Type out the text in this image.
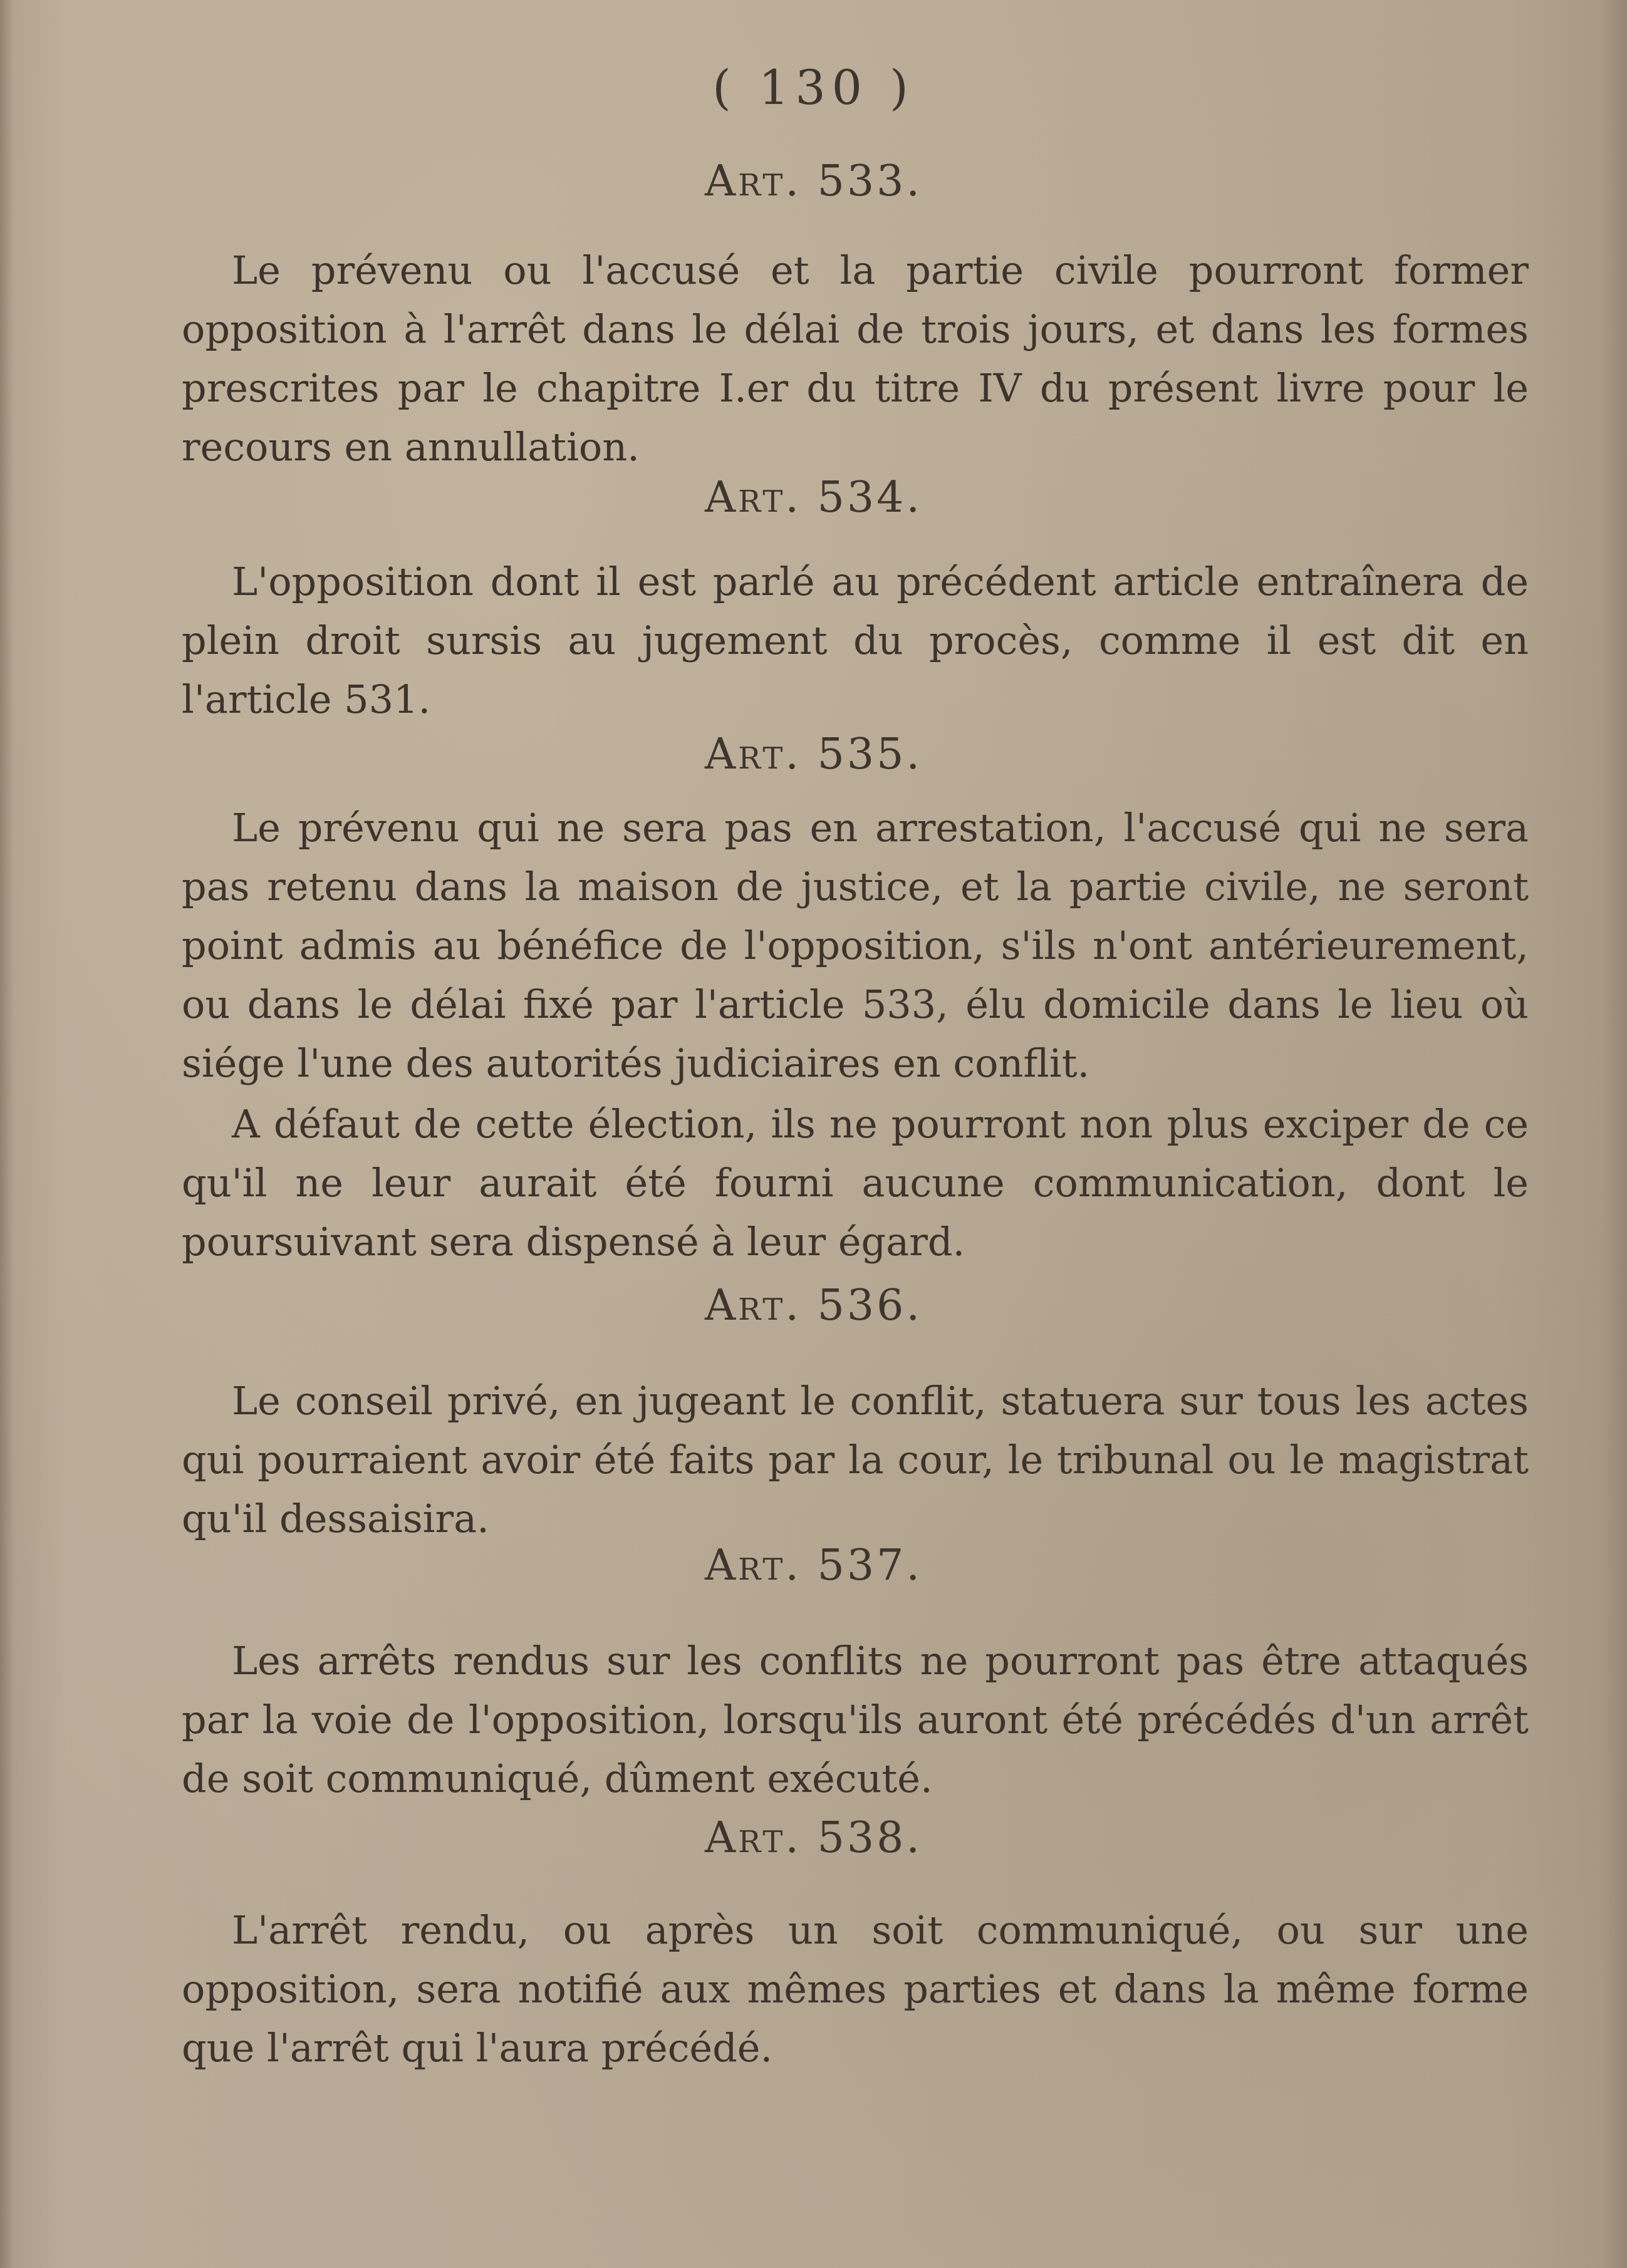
( 130 )
Art. 533.

Le prévenu ou l'accusé et la partie civile pourront former opposition à l'arrêt dans le délai de trois jours, et dans les formes prescrites par le chapitre I.er du titre IV du présent livre pour le recours en annullation.

Art. 534.

L'opposition dont il est parlé au précédent article entraînera de plein droit sursis au jugement du procès, comme il est dit en l'article 531.

Art. 535.

Le prévenu qui ne sera pas en arrestation, l'accusé qui ne sera pas retenu dans la maison de justice, et la partie civile, ne seront point admis au bénéfice de l'opposition, s'ils n'ont antérieurement, ou dans le délai fixé par l'article 533, élu domicile dans le lieu où siége l'une des autorités judiciaires en conflit.

A défaut de cette élection, ils ne pourront non plus exciper de ce qu'il ne leur aurait été fourni aucune communication, dont le poursuivant sera dispensé à leur égard.

Art. 536.

Le conseil privé, en jugeant le conflit, statuera sur tous les actes qui pourraient avoir été faits par la cour, le tribunal ou le magistrat qu'il dessaisira.

Art. 537.

Les arrêts rendus sur les conflits ne pourront pas être attaqués par la voie de l'opposition, lorsqu'ils auront été précédés d'un arrêt de soit communiqué, dûment exécuté.

Art. 538.

L'arrêt rendu, ou après un soit communiqué, ou sur une opposition, sera notifié aux mêmes parties et dans la même forme que l'arrêt qui l'aura précédé.
